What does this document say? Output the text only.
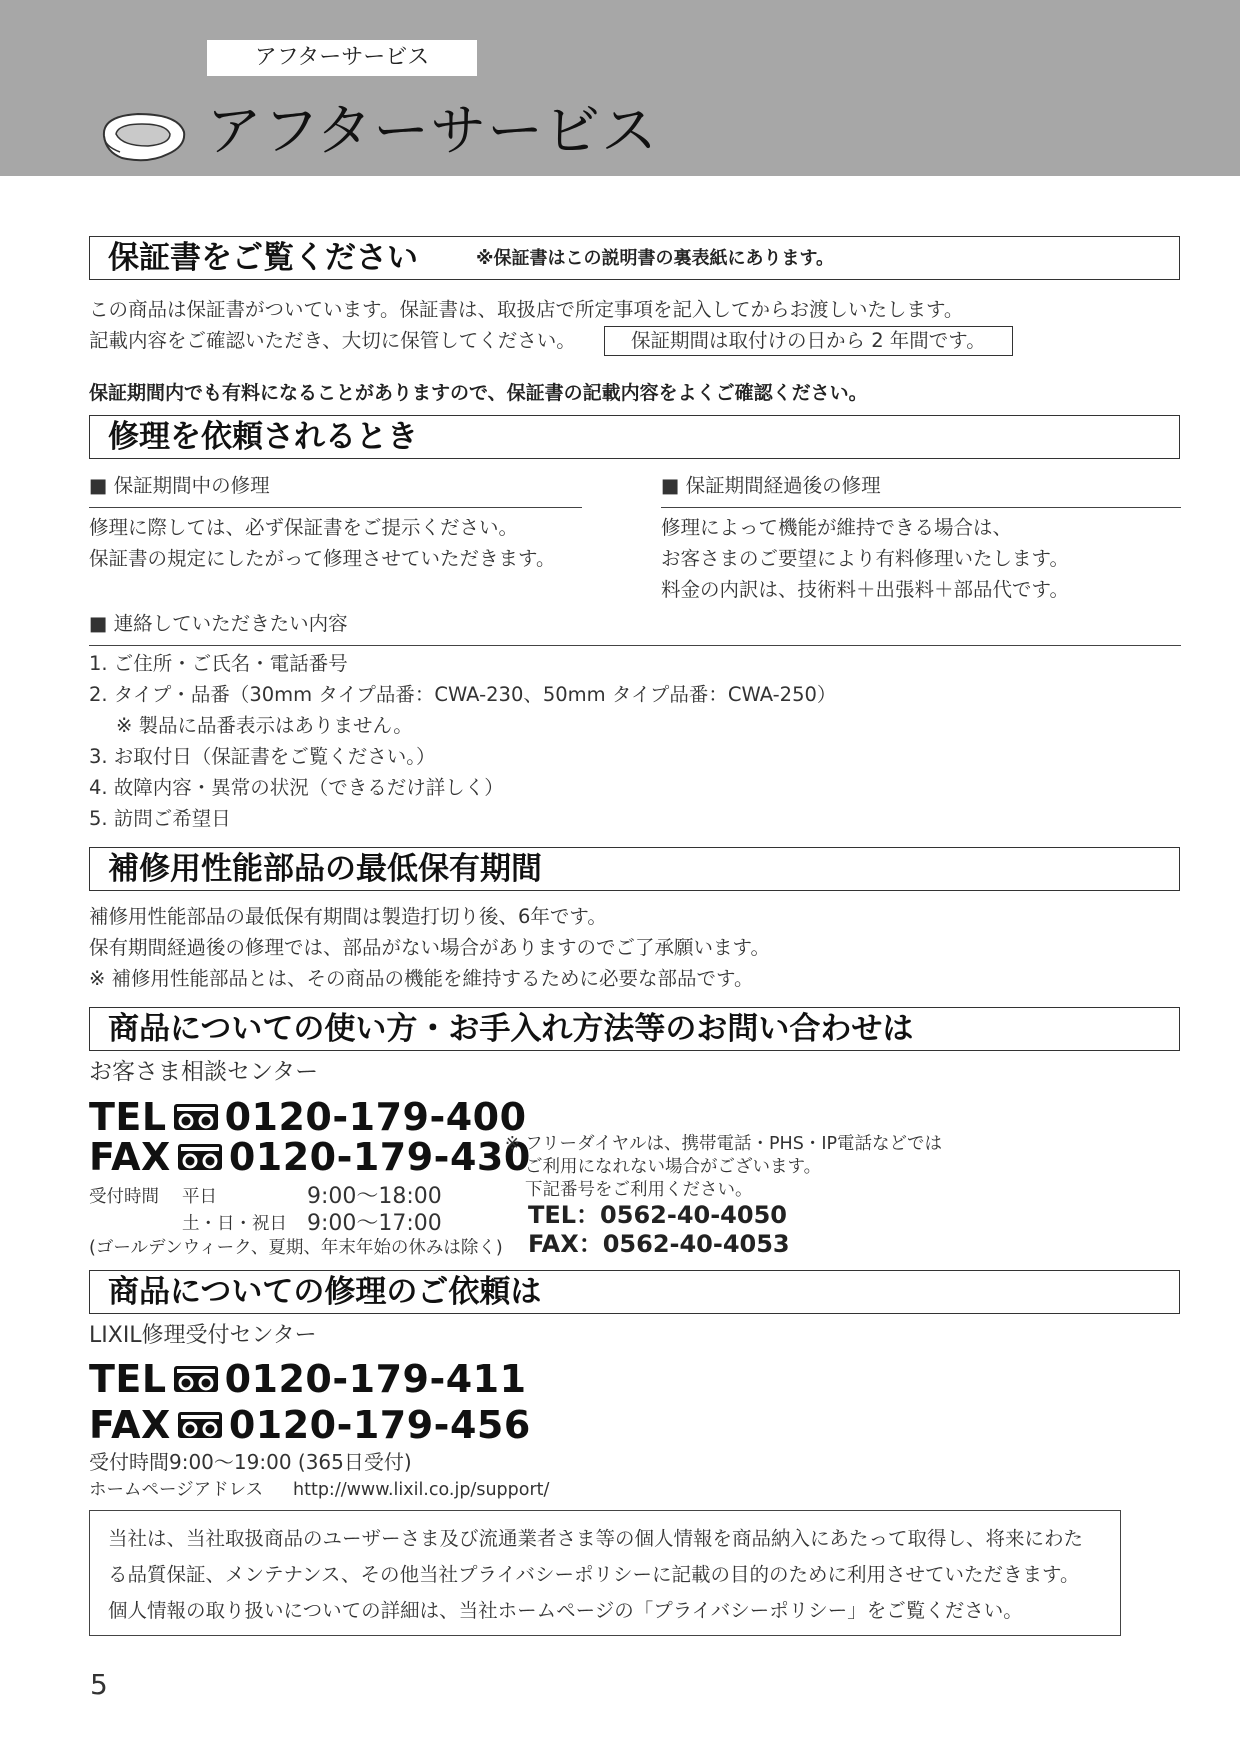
アフターサービス
アフターサービス
保証書をご覧ください	※保証書はこの説明書の裏表紙にあります。
この商品は保証書がついています。保証書は、取扱店で所定事項を記入してからお渡しいたします。
記載内容をご確認いただき、大切に保管してください。	保証期間は取付けの日から 2 年間です。
保証期間内でも有料になることがありますので、保証書の記載内容をよくご確認ください。
修理を依頼されるとき
■ 保証期間中の修理
修理に際しては、必ず保証書をご提示ください。
保証書の規定にしたがって修理させていただきます。
■ 保証期間経過後の修理
修理によって機能が維持できる場合は、
お客さまのご要望により有料修理いたします。
料金の内訳は、技術料＋出張料＋部品代です。
■ 連絡していただきたい内容
1. ご住所・ご氏名・電話番号
2. タイプ・品番（30mm タイプ品番：CWA-230、50mm タイプ品番：CWA-250）
※ 製品に品番表示はありません。
3. お取付日（保証書をご覧ください。）
4. 故障内容・異常の状況（できるだけ詳しく）
5. 訪問ご希望日
補修用性能部品の最低保有期間
補修用性能部品の最低保有期間は製造打切り後、6年です。
保有期間経過後の修理では、部品がない場合がありますのでご了承願います。
※ 補修用性能部品とは、その商品の機能を維持するために必要な部品です。
商品についての使い方・お手入れ方法等のお問い合わせは
お客さま相談センター
TEL 0120-179-400
FAX 0120-179-430
受付時間 平日	9:00～18:00
土・日・祝日 9:00～17:00
(ゴールデンウィーク、夏期、年末年始の休みは除く)
※ フリーダイヤルは、携帯電話・PHS・IP電話などでは
ご利用になれない場合がございます。
下記番号をご利用ください。
TEL：0562-40-4050
FAX：0562-40-4053
商品についての修理のご依頼は
LIXIL修理受付センター
TEL 0120-179-411
FAX 0120-179-456
受付時間9:00～19:00 (365日受付)
ホームページアドレス http://www.lixil.co.jp/support/
当社は、当社取扱商品のユーザーさま及び流通業者さま等の個人情報を商品納入にあたって取得し、将来にわた
る品質保証、メンテナンス、その他当社プライバシーポリシーに記載の目的のために利用させていただきます。
個人情報の取り扱いについての詳細は、当社ホームページの「プライバシーポリシー」をご覧ください。
5
